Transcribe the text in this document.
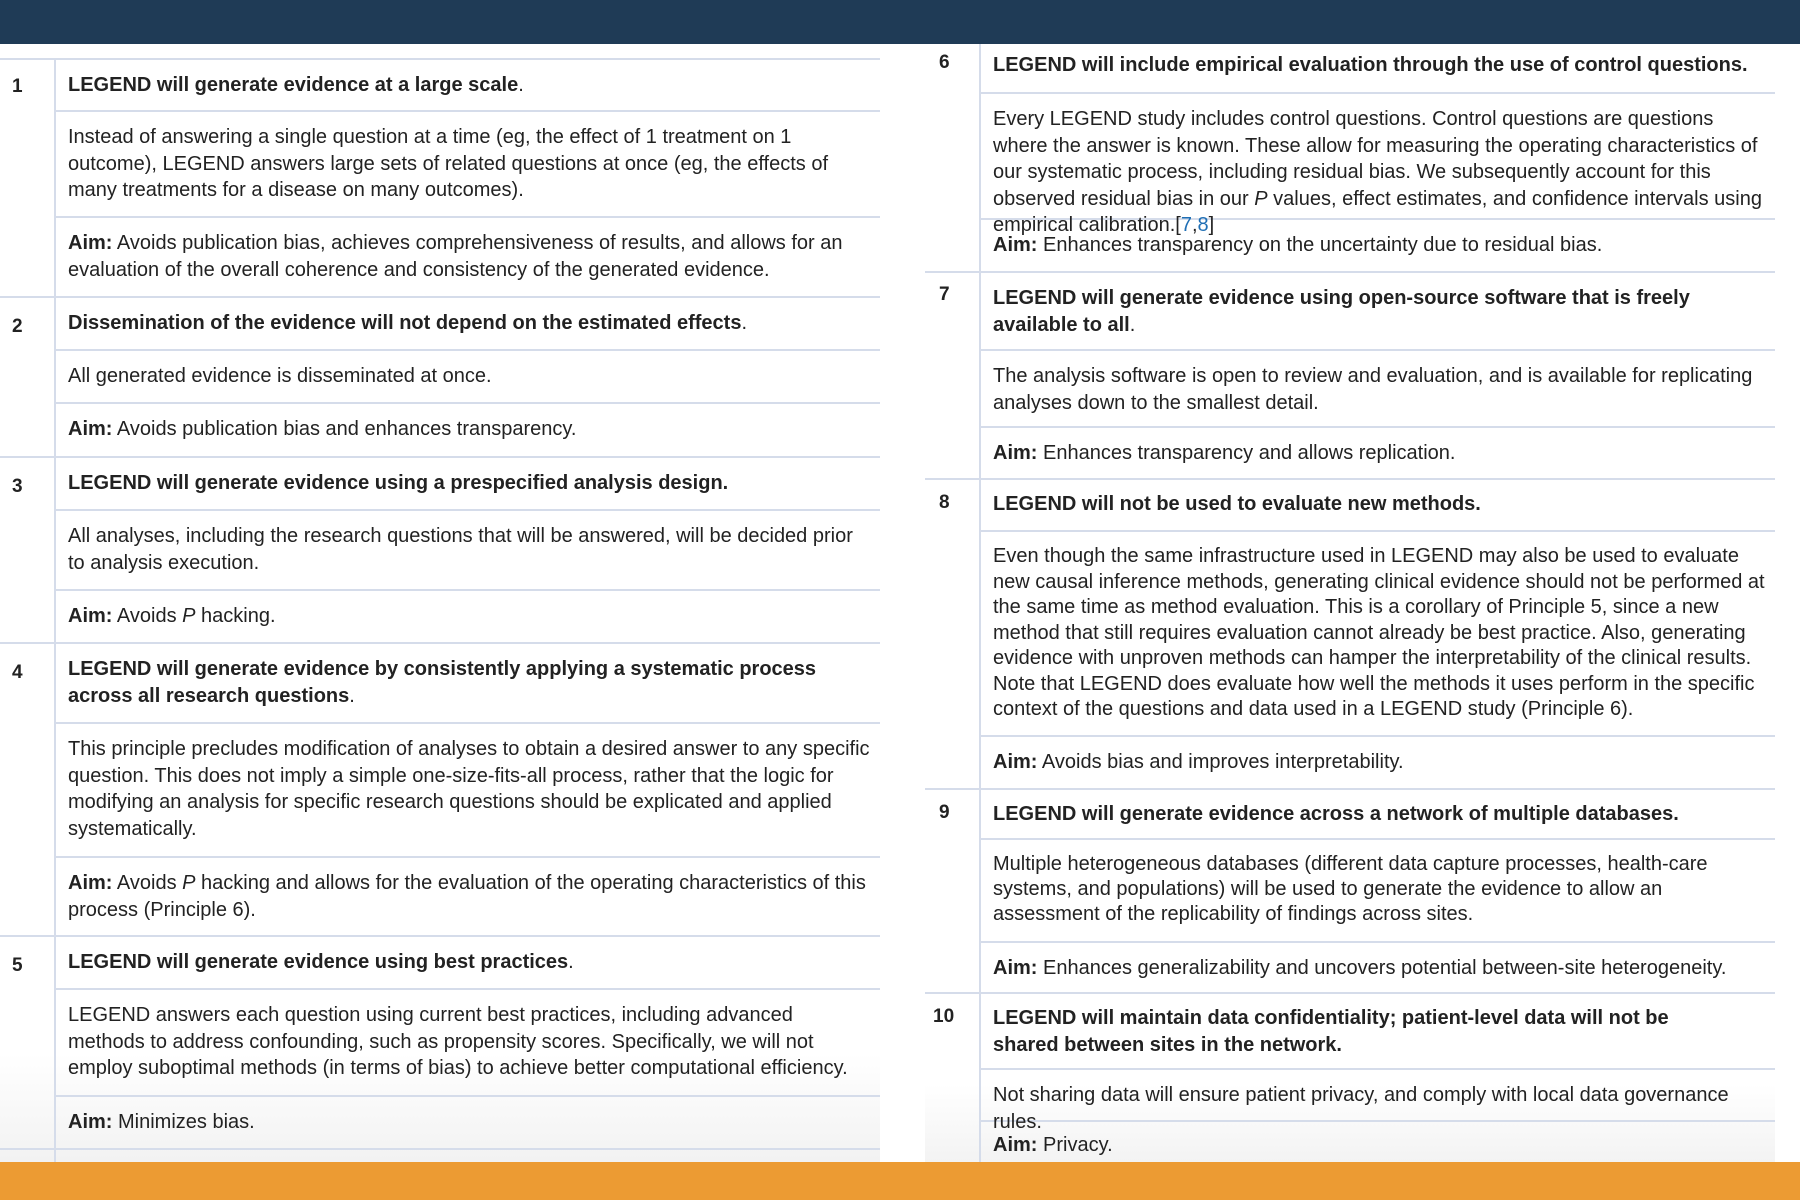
1 LEGEND will generate evidence at a large scale.
Instead of answering a single question at a time (eg, the effect of 1 treatment on 1 outcome), LEGEND answers large sets of related questions at once (eg, the effects of many treatments for a disease on many outcomes).
Aim: Avoids publication bias, achieves comprehensiveness of results, and allows for an evaluation of the overall coherence and consistency of the generated evidence.
2 Dissemination of the evidence will not depend on the estimated effects.
All generated evidence is disseminated at once.
Aim: Avoids publication bias and enhances transparency.
3 LEGEND will generate evidence using a prespecified analysis design.
All analyses, including the research questions that will be answered, will be decided prior to analysis execution.
Aim: Avoids P hacking.
4 LEGEND will generate evidence by consistently applying a systematic process across all research questions.
This principle precludes modification of analyses to obtain a desired answer to any specific question. This does not imply a simple one-size-fits-all process, rather that the logic for modifying an analysis for specific research questions should be explicated and applied systematically.
Aim: Avoids P hacking and allows for the evaluation of the operating characteristics of this process (Principle 6).
5 LEGEND will generate evidence using best practices.
LEGEND answers each question using current best practices, including advanced methods to address confounding, such as propensity scores. Specifically, we will not employ suboptimal methods (in terms of bias) to achieve better computational efficiency.
Aim: Minimizes bias.
6 LEGEND will include empirical evaluation through the use of control questions.
Every LEGEND study includes control questions. Control questions are questions where the answer is known. These allow for measuring the operating characteristics of our systematic process, including residual bias. We subsequently account for this observed residual bias in our P values, effect estimates, and confidence intervals using empirical calibration.[7,8]
Aim: Enhances transparency on the uncertainty due to residual bias.
7 LEGEND will generate evidence using open-source software that is freely available to all.
The analysis software is open to review and evaluation, and is available for replicating analyses down to the smallest detail.
Aim: Enhances transparency and allows replication.
8 LEGEND will not be used to evaluate new methods.
Even though the same infrastructure used in LEGEND may also be used to evaluate new causal inference methods, generating clinical evidence should not be performed at the same time as method evaluation. This is a corollary of Principle 5, since a new method that still requires evaluation cannot already be best practice. Also, generating evidence with unproven methods can hamper the interpretability of the clinical results. Note that LEGEND does evaluate how well the methods it uses perform in the specific context of the questions and data used in a LEGEND study (Principle 6).
Aim: Avoids bias and improves interpretability.
9 LEGEND will generate evidence across a network of multiple databases.
Multiple heterogeneous databases (different data capture processes, health-care systems, and populations) will be used to generate the evidence to allow an assessment of the replicability of findings across sites.
Aim: Enhances generalizability and uncovers potential between-site heterogeneity.
10 LEGEND will maintain data confidentiality; patient-level data will not be shared between sites in the network.
Not sharing data will ensure patient privacy, and comply with local data governance rules.
Aim: Privacy.
